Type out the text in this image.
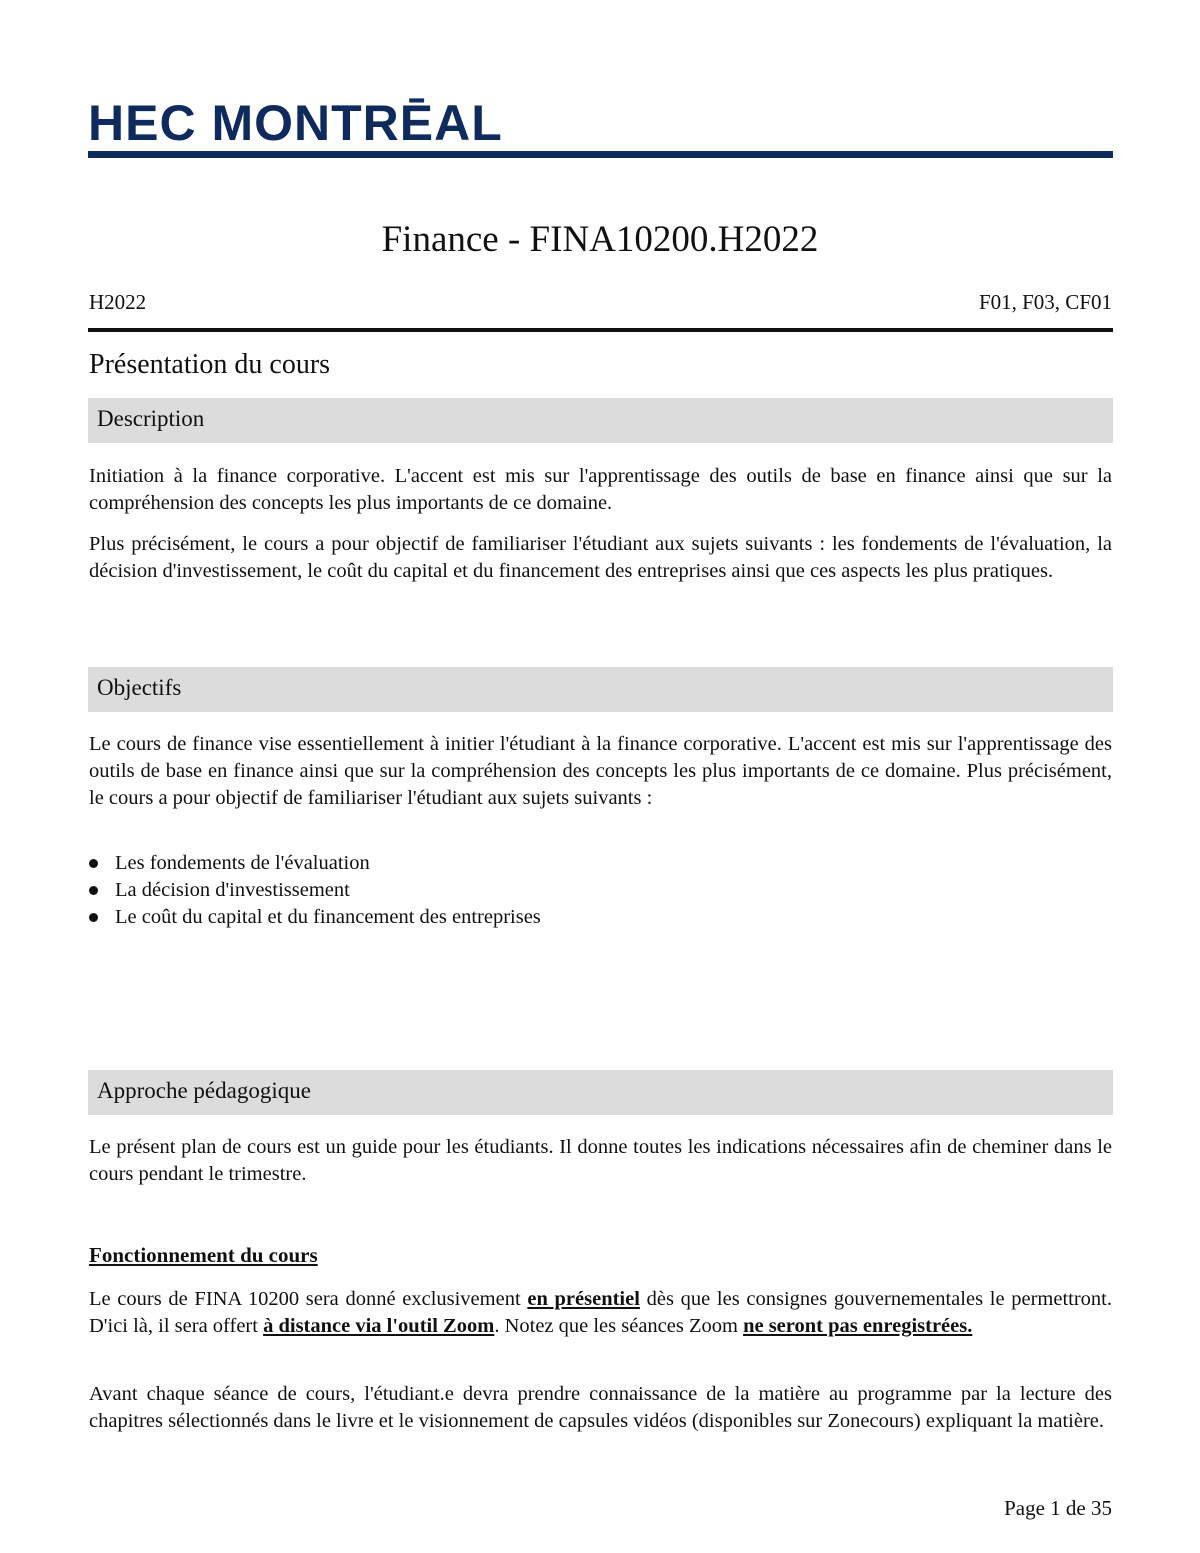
HEC MONTRĒAL
Finance - FINA10200.H2022
H2022	F01, F03, CF01
Présentation du cours
Description

Initiation à la finance corporative. L'accent est mis sur l'apprentissage des outils de base en finance ainsi que sur la compréhension des concepts les plus importants de ce domaine.

Plus précisément, le cours a pour objectif de familiariser l'étudiant aux sujets suivants : les fondements de l'évaluation, la décision d'investissement, le coût du capital et du financement des entreprises ainsi que ces aspects les plus pratiques.

Objectifs

Le cours de finance vise essentiellement à initier l'étudiant à la finance corporative. L'accent est mis sur l'apprentissage des outils de base en finance ainsi que sur la compréhension des concepts les plus importants de ce domaine. Plus précisément, le cours a pour objectif de familiariser l'étudiant aux sujets suivants :

Les fondements de l'évaluation
La décision d'investissement
Le coût du capital et du financement des entreprises
Approche pédagogique

Le présent plan de cours est un guide pour les étudiants. Il donne toutes les indications nécessaires afin de cheminer dans le cours pendant le trimestre.

Fonctionnement du cours

Le cours de FINA 10200 sera donné exclusivement en présentiel dès que les consignes gouvernementales le permettront. D'ici là, il sera offert à distance via l'outil Zoom. Notez que les séances Zoom ne seront pas enregistrées.

Avant chaque séance de cours, l'étudiant.e devra prendre connaissance de la matière au programme par la lecture des chapitres sélectionnés dans le livre et le visionnement de capsules vidéos (disponibles sur Zonecours) expliquant la matière.

Page 1 de 35
